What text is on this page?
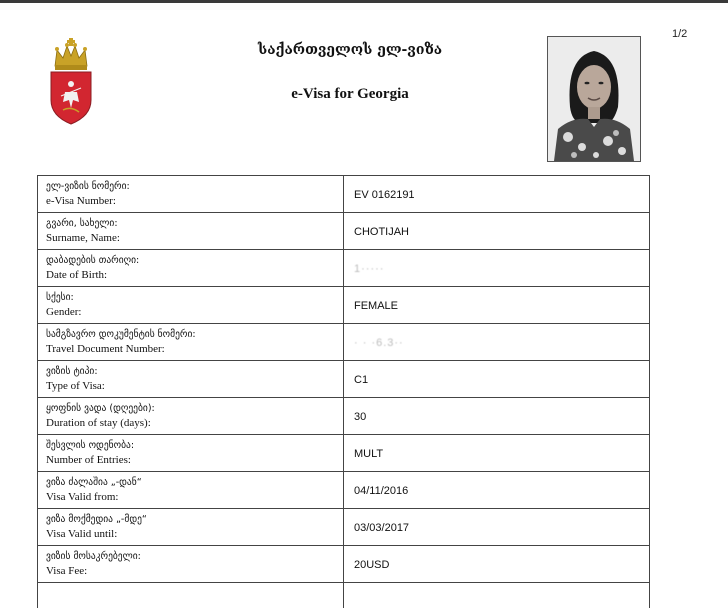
1/2
საქართველოს ელ-ვიზა
e-Visa for Georgia
ელ-ვიზის ნომერი:
e-Visa Number:	EV 0162191

გვარი, სახელი:
Surname, Name:	CHOTIJAH

დაბადების თარიღი:
Date of Birth:	1·····

სქესი:
Gender:	FEMALE

სამგზავრო დოკუმენტის ნომერი:
Travel Document Number:	· · ·6.3··

ვიზის ტიპი:
Type of Visa:	C1

ყოფნის ვადა (დღეები):
Duration of stay (days):	30

შესვლის ოდენობა:
Number of Entries:	MULT

ვიზა ძალაშია „-დან“
Visa Valid from:	04/11/2016

ვიზა მოქმედია „-მდე“
Visa Valid until:	03/03/2017

ვიზის მოსაკრებელი:
Visa Fee:	20USD
